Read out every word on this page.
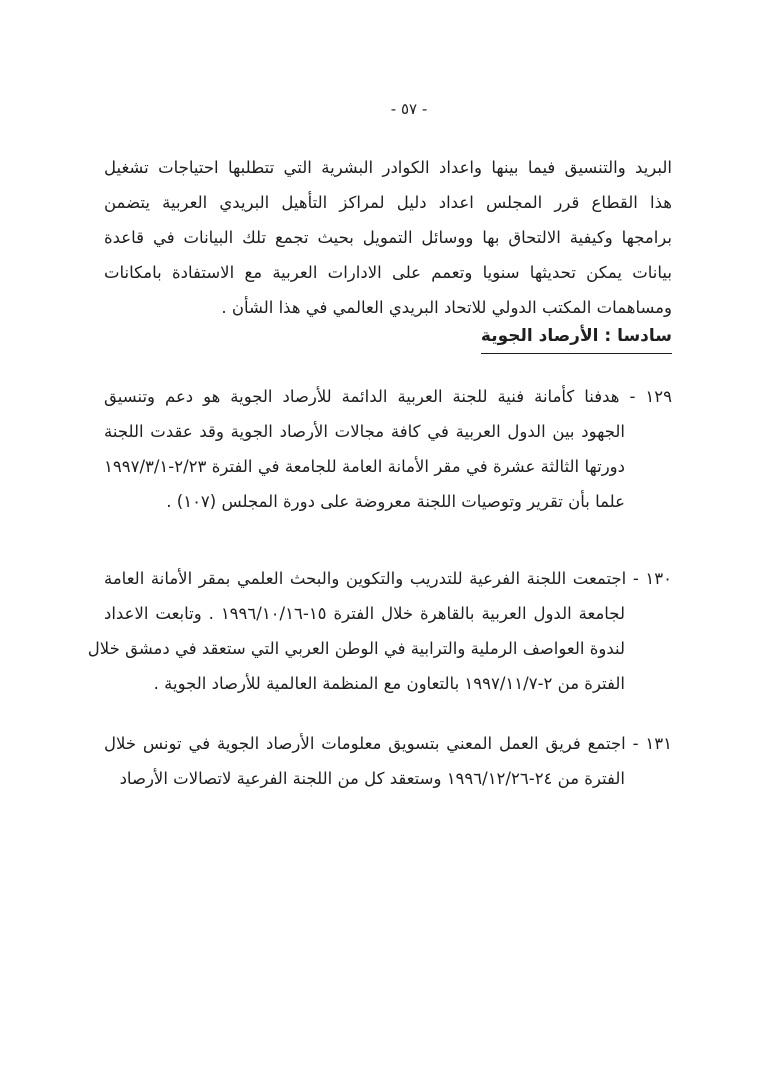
- ٥٧ -
البريد والتنسيق فيما بينها واعداد الكوادر البشرية التي تتطلبها احتياجات تشغيل
هذا القطاع قرر المجلس اعداد دليل لمراكز التأهيل البريدي العربية يتضمن
برامجها وكيفية الالتحاق بها ووسائل التمويل بحيث تجمع تلك البيانات في قاعدة
بيانات يمكن تحديثها سنويا وتعمم على الادارات العربية مع الاستفادة بامكانات
ومساهمات المكتب الدولي للاتحاد البريدي العالمي في هذا الشأن .
سادسا : الأرصاد الجوية
١٢٩ - هدفنا كأمانة فنية للجنة العربية الدائمة للأرصاد الجوية هو دعم وتنسيق
الجهود بين الدول العربية في كافة مجالات الأرصاد الجوية وقد عقدت اللجنة
دورتها الثالثة عشرة في مقر الأمانة العامة للجامعة في الفترة ٢/٢٣-١٩٩٧/٣/١
علما بأن تقرير وتوصيات اللجنة معروضة على دورة المجلس (١٠٧) .
١٣٠ - اجتمعت اللجنة الفرعية للتدريب والتكوين والبحث العلمي بمقر الأمانة العامة
لجامعة الدول العربية بالقاهرة خلال الفترة ١٥-١٩٩٦/١٠/١٦ . وتابعت الاعداد
لندوة العواصف الرملية والترابية في الوطن العربي التي ستعقد في دمشق خلال
الفترة من ٢-١٩٩٧/١١/٧ بالتعاون مع المنظمة العالمية للأرصاد الجوية .
١٣١ - اجتمع فريق العمل المعني بتسويق معلومات الأرصاد الجوية في تونس خلال
الفترة من ٢٤-١٩٩٦/١٢/٢٦ وستعقد كل من اللجنة الفرعية لاتصالات الأرصاد
